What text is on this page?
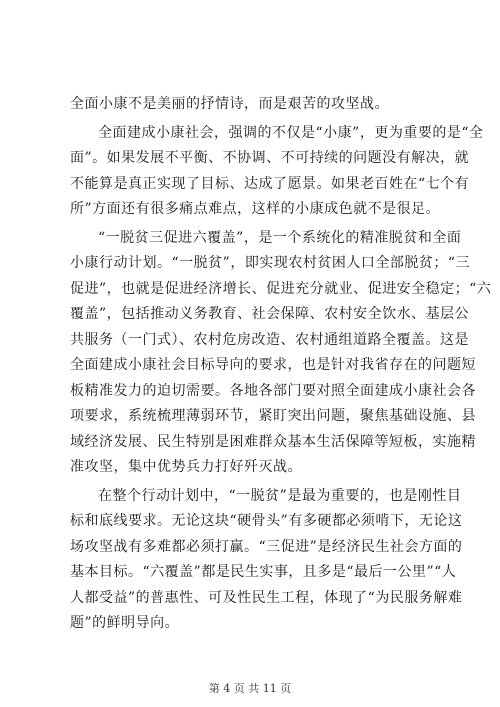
全面小康不是美丽的抒情诗，而是艰苦的攻坚战。
全面建成小康社会，强调的不仅是“小康”，更为重要的是“全
面”。如果发展不平衡、不协调、不可持续的问题没有解决，就
不能算是真正实现了目标、达成了愿景。如果老百姓在“七个有
所”方面还有很多痛点难点，这样的小康成色就不是很足。
“一脱贫三促进六覆盖”，是一个系统化的精准脱贫和全面
小康行动计划。“一脱贫”，即实现农村贫困人口全部脱贫；“三
促进”，也就是促进经济增长、促进充分就业、促进安全稳定；“六
覆盖”，包括推动义务教育、社会保障、农村安全饮水、基层公
共服务（一门式）、农村危房改造、农村通组道路全覆盖。这是
全面建成小康社会目标导向的要求，也是针对我省存在的问题短
板精准发力的迫切需要。各地各部门要对照全面建成小康社会各
项要求，系统梳理薄弱环节，紧盯突出问题，聚焦基础设施、县
域经济发展、民生特别是困难群众基本生活保障等短板，实施精
准攻坚，集中优势兵力打好歼灭战。
在整个行动计划中，“一脱贫”是最为重要的，也是刚性目
标和底线要求。无论这块“硬骨头”有多硬都必须啃下，无论这
场攻坚战有多难都必须打赢。“三促进”是经济民生社会方面的
基本目标。“六覆盖”都是民生实事，且多是“最后一公里”“人
人都受益”的普惠性、可及性民生工程，体现了“为民服务解难
题”的鲜明导向。
第 4 页 共 11 页
